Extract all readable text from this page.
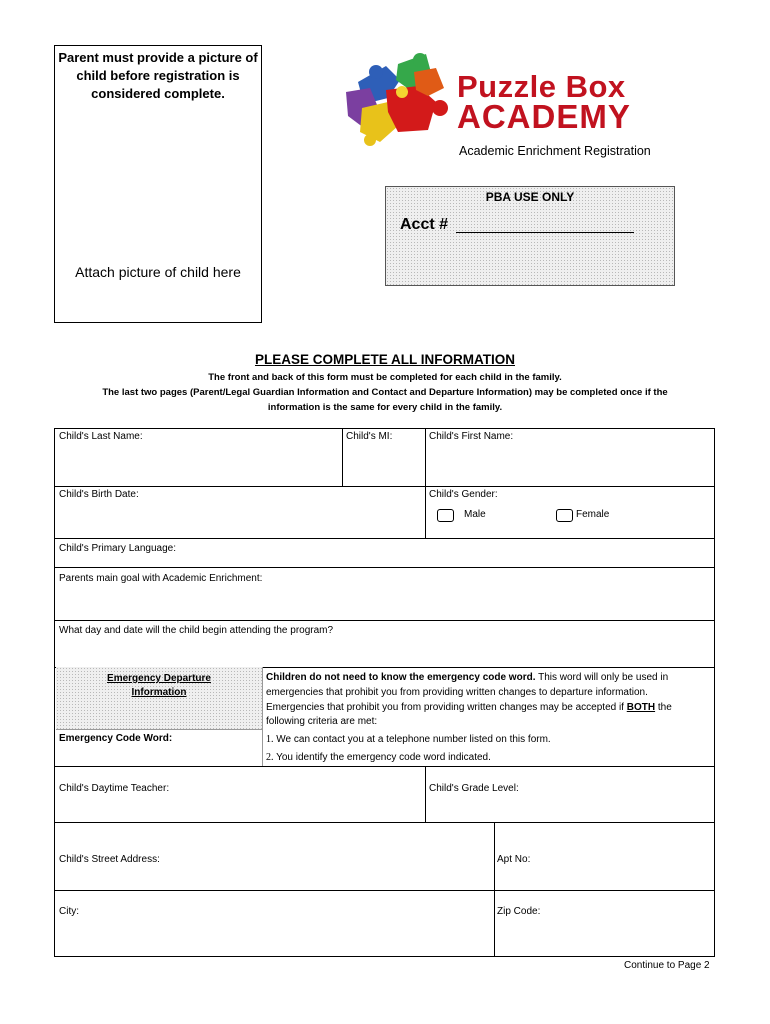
Parent must provide a picture of child before registration is considered complete.
Attach picture of child here
Puzzle Box
ACADEMY
Academic Enrichment Registration
PBA USE ONLY
Acct #
PLEASE COMPLETE ALL INFORMATION
The front and back of this form must be completed for each child in the family.
The last two pages (Parent/Legal Guardian Information and Contact and Departure Information) may be completed once if the
information is the same for every child in the family.
Child's Last Name:	Child's MI:	Child's First Name:
Child's Birth Date:	Child's Gender:
Male	Female
Child's Primary Language:
Parents main goal with Academic Enrichment:
What day and date will the child begin attending the program?
Emergency Departure
Information
Emergency Code Word:
Children do not need to know the emergency code word. This word will only be used in
emergencies that prohibit you from providing written changes to departure information.
Emergencies that prohibit you from providing written changes may be accepted if BOTH the
following criteria are met:
1. We can contact you at a telephone number listed on this form.
2. You identify the emergency code word indicated.
Child's Daytime Teacher:	Child's Grade Level:
Child's Street Address:	Apt No:
City:	Zip Code:
Continue to Page 2
